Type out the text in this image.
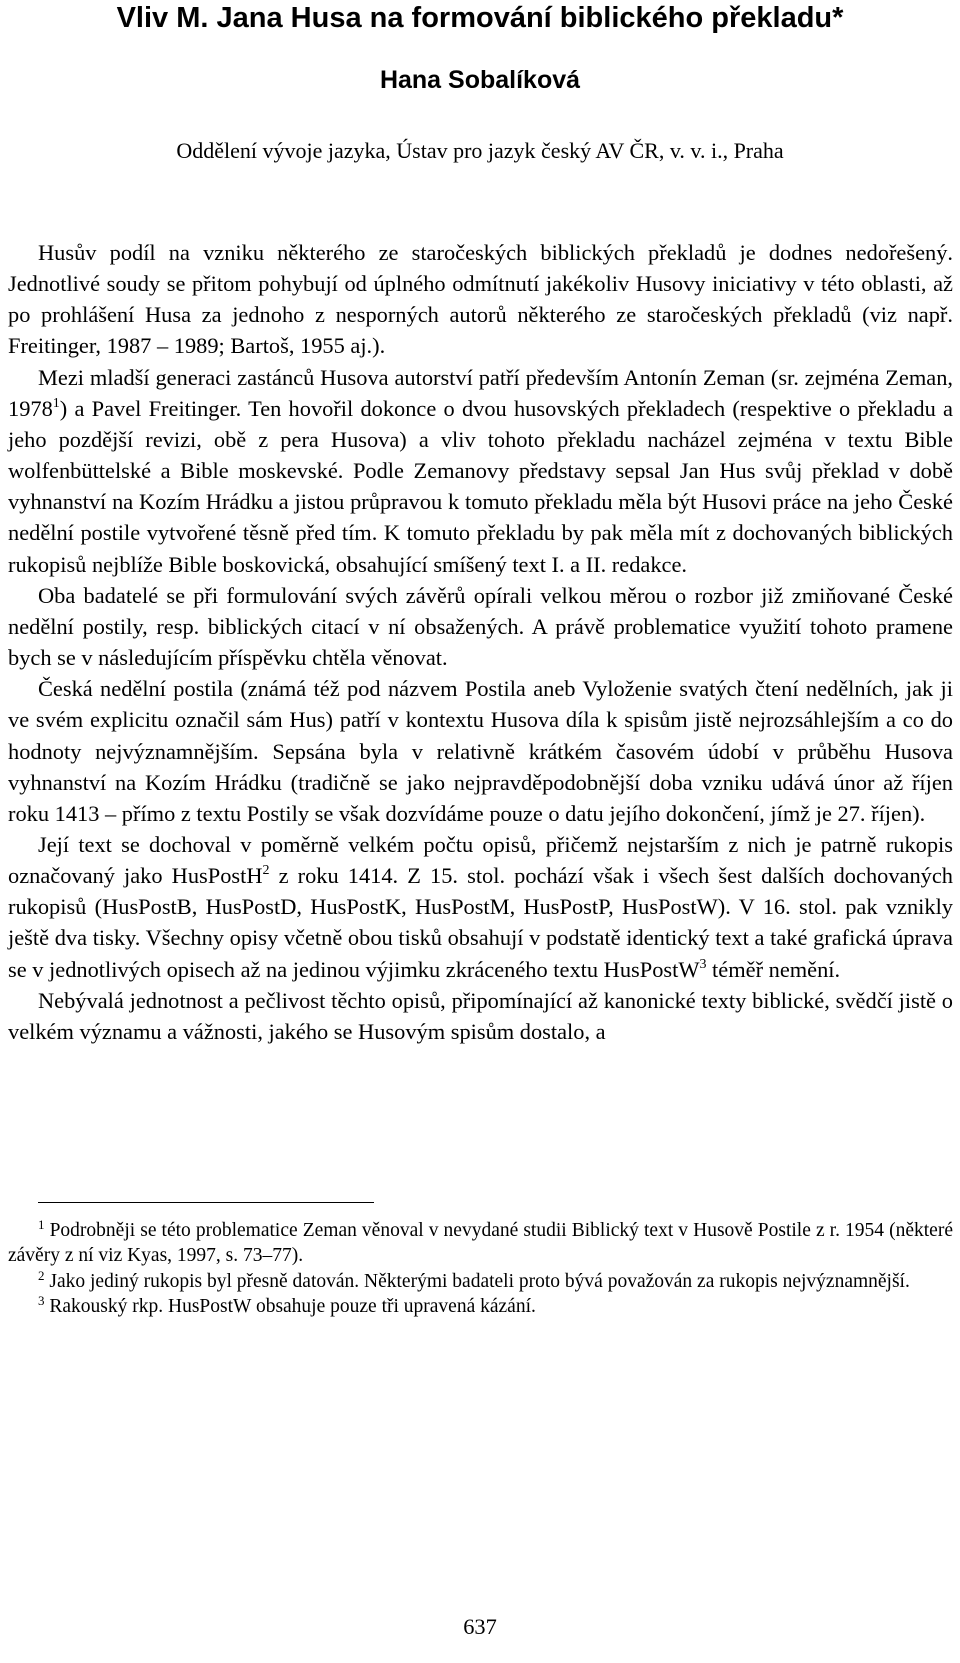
Vliv M. Jana Husa na formování biblického překladu*
Hana Sobalíková
Oddělení vývoje jazyka, Ústav pro jazyk český AV ČR, v. v. i., Praha

Husův podíl na vzniku některého ze staročeských biblických překladů je dodnes nedořešený. Jednotlivé soudy se přitom pohybují od úplného odmítnutí jakékoliv Husovy iniciativy v této oblasti, až po prohlášení Husa za jednoho z nesporných autorů některého ze staročeských překladů (viz např. Freitinger, 1987 – 1989; Bartoš, 1955 aj.).

Mezi mladší generaci zastánců Husova autorství patří především Antonín Zeman (sr. zejména Zeman, 1978$^1$) a Pavel Freitinger. Ten hovořil dokonce o dvou husovských překladech (respektive o překladu a jeho pozdější revizi, obě z pera Husova) a vliv tohoto překladu nacházel zejména v textu Bible wolfenbüttelské a Bible moskevské. Podle Zemanovy představy sepsal Jan Hus svůj překlad v době vyhnanství na Kozím Hrádku a jistou průpravou k tomuto překladu měla být Husovi práce na jeho České nedělní postile vytvořené těsně před tím. K tomuto překladu by pak měla mít z dochovaných biblických rukopisů nejblíže Bible boskovická, obsahující smíšený text I. a II. redakce.

Oba badatelé se při formulování svých závěrů opírali velkou měrou o rozbor již zmiňované České nedělní postily, resp. biblických citací v ní obsažených. A právě problematice využití tohoto pramene bych se v následujícím příspěvku chtěla věnovat.

Česká nedělní postila (známá též pod názvem Postila aneb Vyloženie svatých čtení nedělních, jak ji ve svém explicitu označil sám Hus) patří v kontextu Husova díla k spisům jistě nejrozsáhlejším a co do hodnoty nejvýznamnějším. Sepsána byla v relativně krátkém časovém údobí v průběhu Husova vyhnanství na Kozím Hrádku (tradičně se jako nejpravděpodobnější doba vzniku udává únor až říjen roku 1413 – přímo z textu Postily se však dozvídáme pouze o datu jejího dokončení, jímž je 27. říjen).

Její text se dochoval v poměrně velkém počtu opisů, přičemž nejstarším z nich je patrně rukopis označovaný jako HusPostH$^2$ z roku 1414. Z 15. stol. pochází však i všech šest dalších dochovaných rukopisů (HusPostB, HusPostD, HusPostK, HusPostM, HusPostP, HusPostW). V 16. stol. pak vznikly ještě dva tisky. Všechny opisy včetně obou tisků obsahují v podstatě identický text a také grafická úprava se v jednotlivých opisech až na jedinou výjimku zkráceného textu HusPostW$^3$ téměř nemění.

Nebývalá jednotnost a pečlivost těchto opisů, připomínající až kanonické texty biblické, svědčí jistě o velkém významu a vážnosti, jakého se Husovým spisům dostalo, a

$^1$ Podrobněji se této problematice Zeman věnoval v nevydané studii Biblický text v Husově Postile z r. 1954 (některé závěry z ní viz Kyas, 1997, s. 73–77).

$^2$ Jako jediný rukopis byl přesně datován. Některými badateli proto bývá považován za rukopis nejvýznamnější.

$^3$ Rakouský rkp. HusPostW obsahuje pouze tři upravená kázání.

637
